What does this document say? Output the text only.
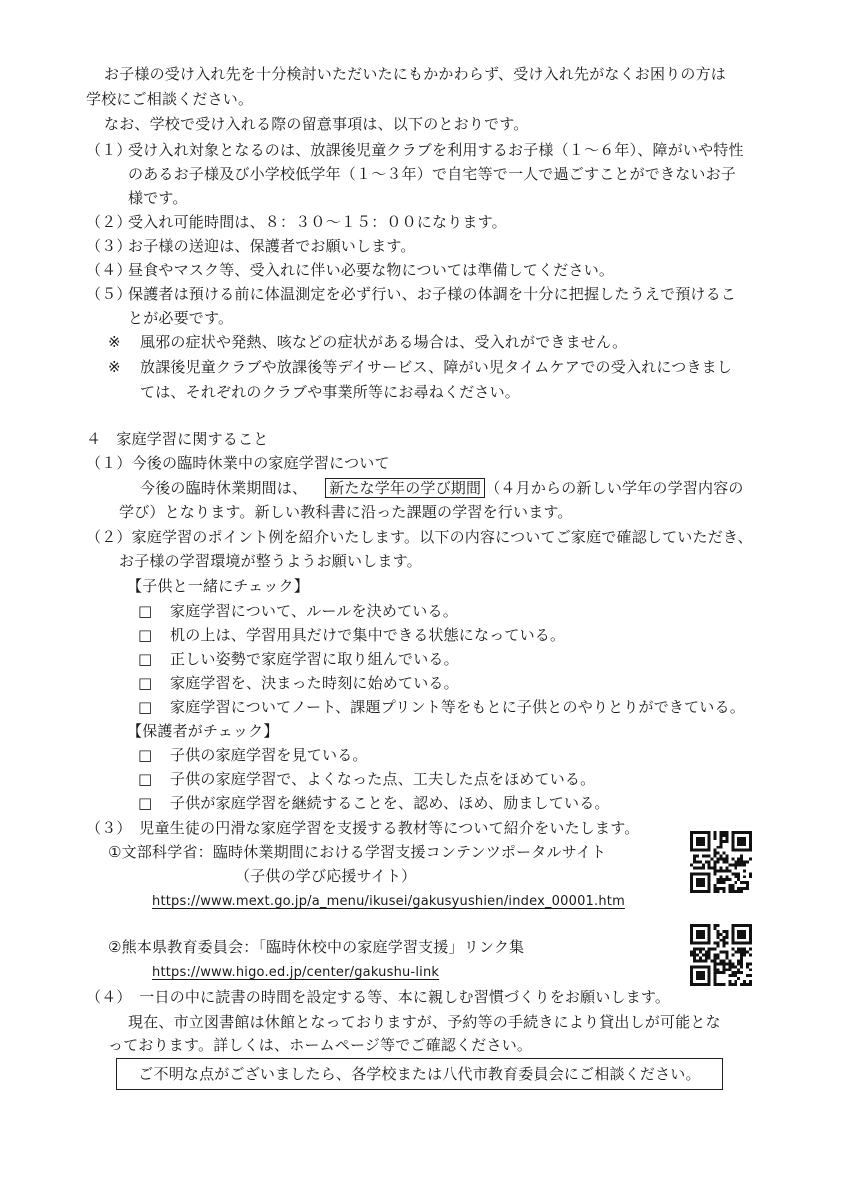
お子様の受け入れ先を十分検討いただいたにもかかわらず、受け入れ先がなくお困りの方は
学校にご相談ください。
なお、学校で受け入れる際の留意事項は、以下のとおりです。
（１）
受け入れ対象となるのは、放課後児童クラブを利用するお子様（１～６年）、障がいや特性
のあるお子様及び小学校低学年（１～３年）で自宅等で一人で過ごすことができないお子
様です。
（２）
受入れ可能時間は、８：３０～１５：００になります。
（３）
お子様の送迎は、保護者でお願いします。
（４）
昼食やマスク等、受入れに伴い必要な物については準備してください。
（５）
保護者は預ける前に体温測定を必ず行い、お子様の体調を十分に把握したうえで預けるこ
とが必要です。
※ 風邪の症状や発熱、咳などの症状がある場合は、受入れができません。
※ 放課後児童クラブや放課後等デイサービス、障がい児タイムケアでの受入れにつきまし
ては、それぞれのクラブや事業所等にお尋ねください。
４　家庭学習に関すること
（１）今後の臨時休業中の家庭学習について
今後の臨時休業期間は、 新たな学年の学び期間 （４月からの新しい学年の学習内容の
学び）となります。新しい教科書に沿った課題の学習を行います。
（２）家庭学習のポイント例を紹介いたします。以下の内容についてご家庭で確認していただき、
お子様の学習環境が整うようお願いします。
【子供と一緒にチェック】
□ 家庭学習について、ルールを決めている。
□ 机の上は、学習用具だけで集中できる状態になっている。
□ 正しい姿勢で家庭学習に取り組んでいる。
□ 家庭学習を、決まった時刻に始めている。
□ 家庭学習についてノート、課題プリント等をもとに子供とのやりとりができている。
【保護者がチェック】
□ 子供の家庭学習を見ている。
□ 子供の家庭学習で、よくなった点、工夫した点をほめている。
□ 子供が家庭学習を継続することを、認め、ほめ、励ましている。
（３）　児童生徒の円滑な家庭学習を支援する教材等について紹介をいたします。
①文部科学省：臨時休業期間における学習支援コンテンツポータルサイト
（子供の学び応援サイト）
https://www.mext.go.jp/a_menu/ikusei/gakusyushien/index_00001.htm
②熊本県教育委員会：「臨時休校中の家庭学習支援」リンク集
https://www.higo.ed.jp/center/gakushu-link
（４）　一日の中に読書の時間を設定する等、本に親しむ習慣づくりをお願いします。
現在、市立図書館は休館となっておりますが、予約等の手続きにより貸出しが可能とな
っております。詳しくは、ホームページ等でご確認ください。
ご不明な点がございましたら、各学校または八代市教育委員会にご相談ください。
